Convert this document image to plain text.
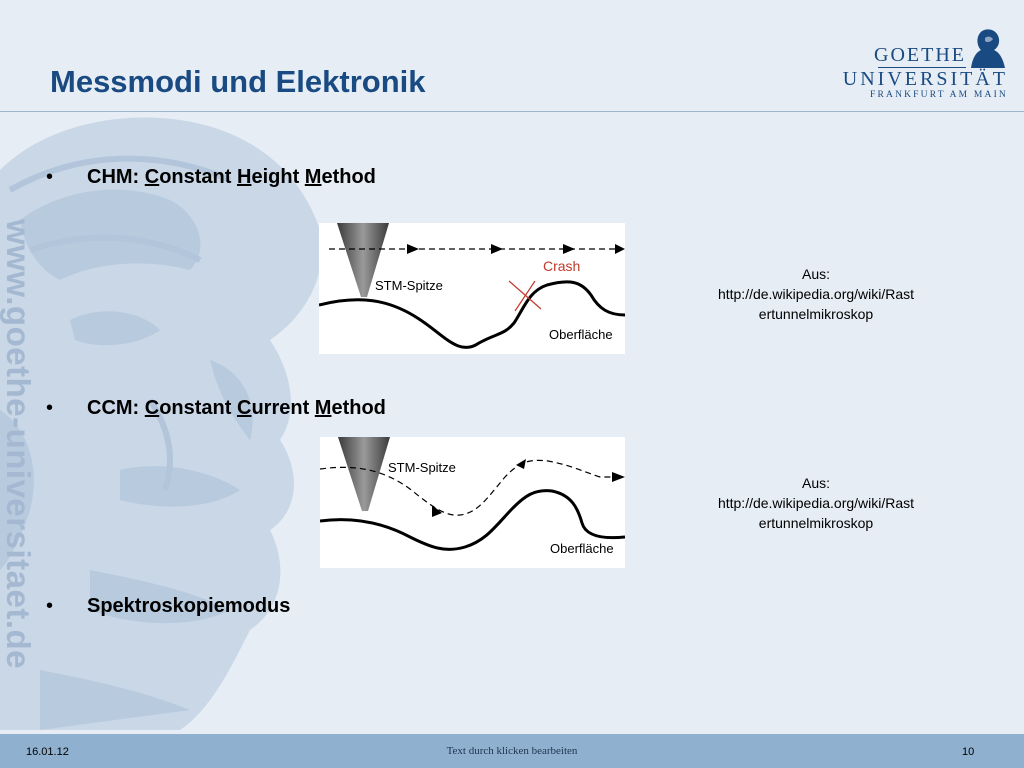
www.goethe-universitaet.de
Messmodi und Elektronik
GOETHE
UNIVERSITÄT
FRANKFURT AM MAIN
• CHM: Constant Height Method
Crash
STM-Spitze
Oberfläche
Aus:
http://de.wikipedia.org/wiki/Rast
ertunnelmikroskop
• CCM: Constant Current Method
STM-Spitze
Oberfläche
Aus:
http://de.wikipedia.org/wiki/Rast
ertunnelmikroskop
• Spektroskopiemodus
16.01.12	Text durch klicken bearbeiten	10
